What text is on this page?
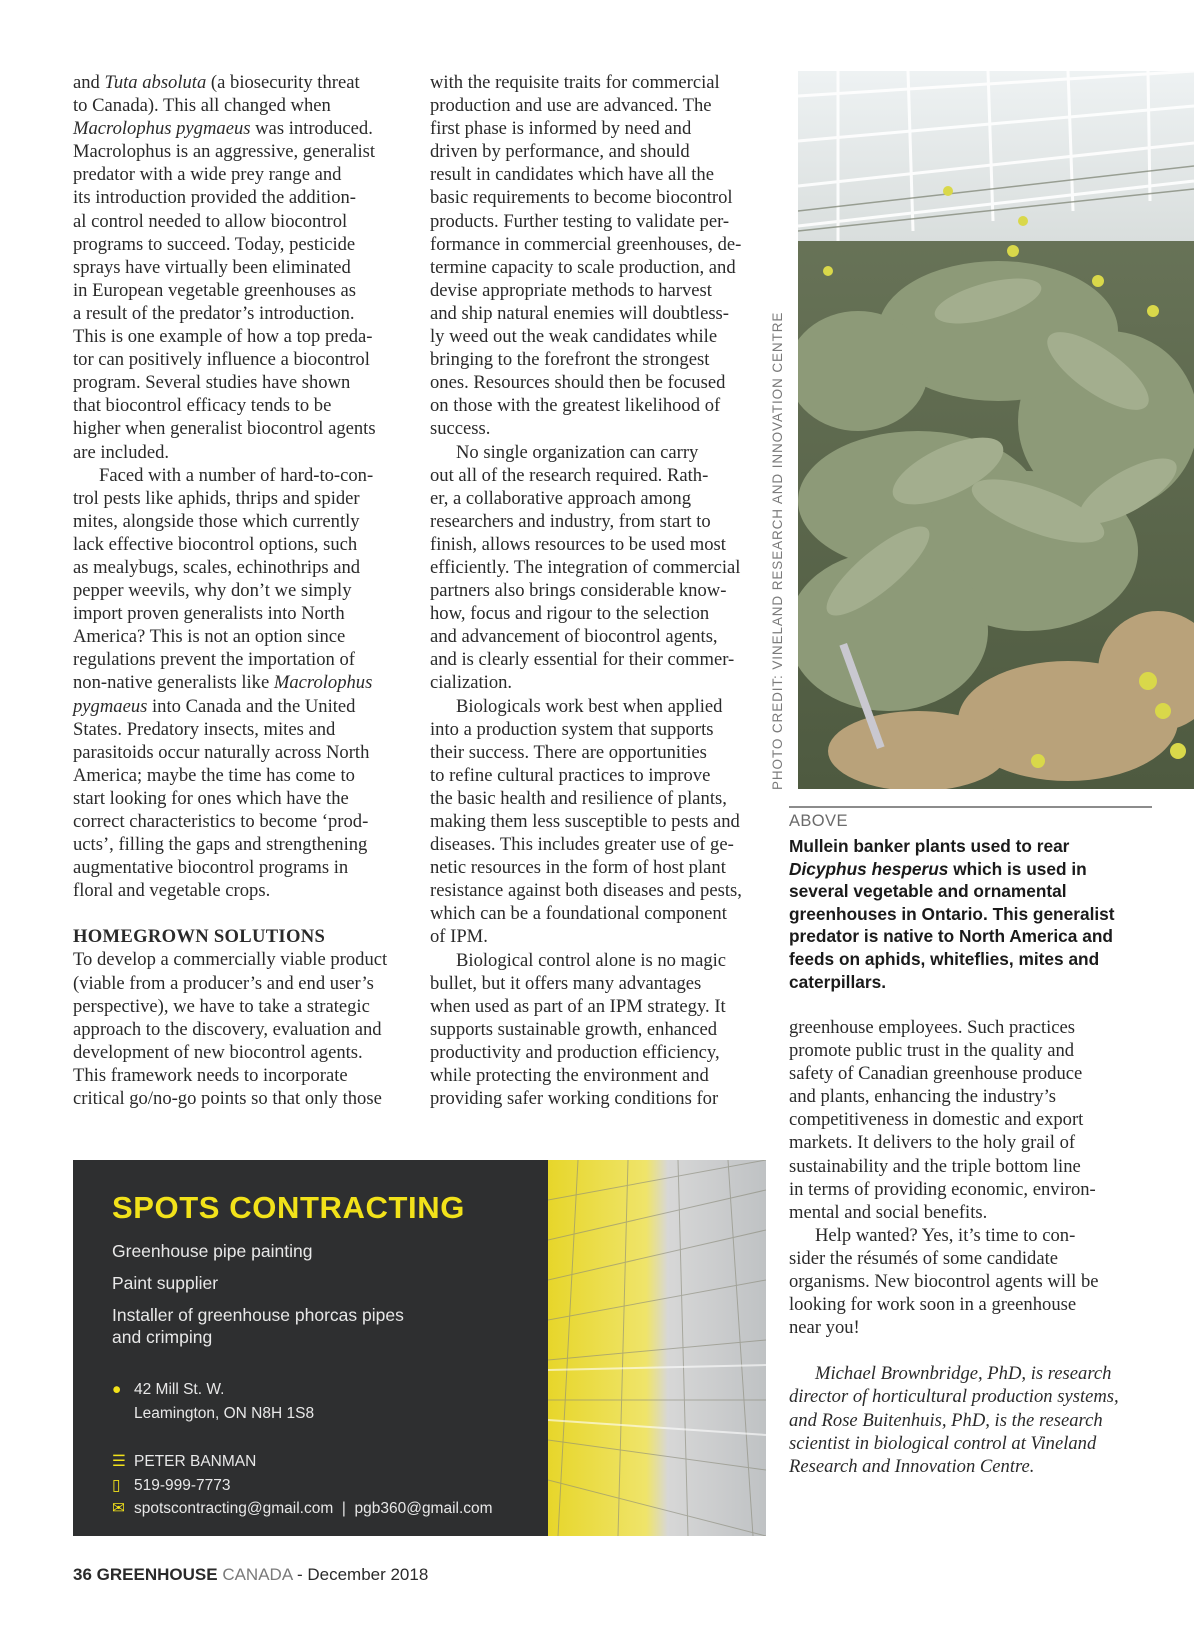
and Tuta absoluta (a biosecurity threat
to Canada). This all changed when
Macrolophus pygmaeus was introduced.
Macrolophus is an aggressive, generalist
predator with a wide prey range and
its introduction provided the addition-
al control needed to allow biocontrol
programs to succeed. Today, pesticide
sprays have virtually been eliminated
in European vegetable greenhouses as
a result of the predator’s introduction.
This is one example of how a top preda-
tor can positively influence a biocontrol
program. Several studies have shown
that biocontrol efficacy tends to be
higher when generalist biocontrol agents
are included.

Faced with a number of hard-to-con-
trol pests like aphids, thrips and spider
mites, alongside those which currently
lack effective biocontrol options, such
as mealybugs, scales, echinothrips and
pepper weevils, why don’t we simply
import proven generalists into North
America? This is not an option since
regulations prevent the importation of
non-native generalists like Macrolophus
pygmaeus into Canada and the United
States. Predatory insects, mites and
parasitoids occur naturally across North
America; maybe the time has come to
start looking for ones which have the
correct characteristics to become ‘prod-
ucts’, filling the gaps and strengthening
augmentative biocontrol programs in
floral and vegetable crops.

HOMEGROWN SOLUTIONS

To develop a commercially viable product
(viable from a producer’s and end user’s
perspective), we have to take a strategic
approach to the discovery, evaluation and
development of new biocontrol agents.
This framework needs to incorporate
critical go/no-go points so that only those

with the requisite traits for commercial
production and use are advanced. The
first phase is informed by need and
driven by performance, and should
result in candidates which have all the
basic requirements to become biocontrol
products. Further testing to validate per-
formance in commercial greenhouses, de-
termine capacity to scale production, and
devise appropriate methods to harvest
and ship natural enemies will doubtless-
ly weed out the weak candidates while
bringing to the forefront the strongest
ones. Resources should then be focused
on those with the greatest likelihood of
success.

No single organization can carry
out all of the research required. Rath-
er, a collaborative approach among
researchers and industry, from start to
finish, allows resources to be used most
efficiently. The integration of commercial
partners also brings considerable know-
how, focus and rigour to the selection
and advancement of biocontrol agents,
and is clearly essential for their commer-
cialization.

Biologicals work best when applied
into a production system that supports
their success. There are opportunities
to refine cultural practices to improve
the basic health and resilience of plants,
making them less susceptible to pests and
diseases. This includes greater use of ge-
netic resources in the form of host plant
resistance against both diseases and pests,
which can be a foundational component
of IPM.

Biological control alone is no magic
bullet, but it offers many advantages
when used as part of an IPM strategy. It
supports sustainable growth, enhanced
productivity and production efficiency,
while protecting the environment and
providing safer working conditions for

PHOTO CREDIT: VINELAND RESEARCH AND INNOVATION CENTRE
ABOVE
Mullein banker plants used to rear
Dicyphus hesperus which is used in
several vegetable and ornamental
greenhouses in Ontario. This generalist
predator is native to North America and
feeds on aphids, whiteflies, mites and
caterpillars.

greenhouse employees. Such practices
promote public trust in the quality and
safety of Canadian greenhouse produce
and plants, enhancing the industry’s
competitiveness in domestic and export
markets. It delivers to the holy grail of
sustainability and the triple bottom line
in terms of providing economic, environ-
mental and social benefits.

Help wanted? Yes, it’s time to con-
sider the résumés of some candidate
organisms. New biocontrol agents will be
looking for work soon in a greenhouse
near you!

Michael Brownbridge, PhD, is research
director of horticultural production systems,
and Rose Buitenhuis, PhD, is the research
scientist in biological control at Vineland
Research and Innovation Centre.

SPOTS CONTRACTING
Greenhouse pipe painting
Paint supplier
Installer of greenhouse phorcas pipes
and crimping
● 42 Mill St. W.
Leamington, ON N8H 1S8
☰ PETER BANMAN
▯ 519-999-7773
✉ spotscontracting@gmail.com  |  pgb360@gmail.com
36 GREENHOUSE CANADA - December 2018
